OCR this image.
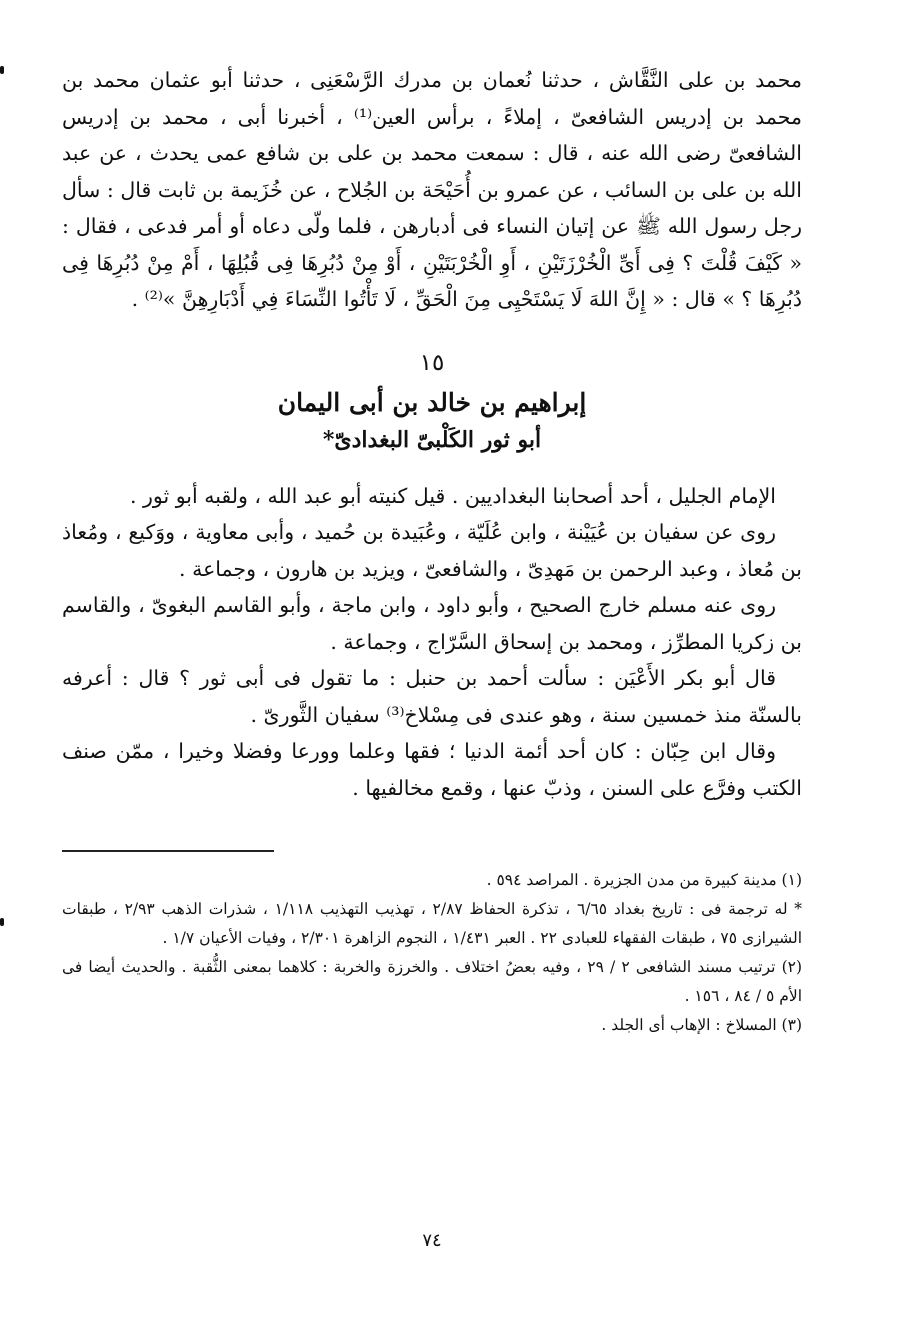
محمد بن على النَّقَّاش ، حدثنا نُعمان بن مدرك الرَّسْعَنِى ، حدثنا أبو عثمان محمد بن محمد بن إدريس الشافعىّ ، إملاءً ، برأس العين⁽¹⁾ ، أخبرنا أبى ، محمد بن إدريس الشافعىّ رضى الله عنه ، قال : سمعت محمد بن على بن شافع عمى يحدث ، عن عبد الله بن على بن السائب ، عن عمرو بن أُحَيْحَة بن الجُلاح ، عن خُزَيمة بن ثابت قال : سأل رجل رسول الله ﷺ عن إتيان النساء فى أدبارهن ، فلما ولّى دعاه أو أمر فدعى ، فقال : « كَيْفَ قُلْتَ ؟ فِى أَىِّ الْخُرْزَتَيْنِ ، أَوِ الْخُرْبَتَيْنِ ، أَوْ مِنْ دُبُرِهَا فِى قُبُلِهَا ، أَمْ مِنْ دُبُرِهَا فِى دُبُرِهَا ؟ » قال : « إِنَّ اللهَ لَا يَسْتَحْيِى مِنَ الْحَقِّ ، لَا تَأْتُوا النِّسَاءَ فِي أَدْبَارِهِنَّ »⁽²⁾ .

١٥
إبراهيم بن خالد بن أبى اليمان
أبو ثور الكَلْبىّ البغدادىّ*

الإمام الجليل ، أحد أصحابنا البغداديين . قيل كنيته أبو عبد الله ، ولقبه أبو ثور .

روى عن سفيان بن عُيَيْنة ، وابن عُلَيّة ، وعُبَيدة بن حُميد ، وأبى معاوية ، ووَكيع ، ومُعاذ بن مُعاذ ، وعبد الرحمن بن مَهدِىّ ، والشافعىّ ، ويزيد بن هارون ، وجماعة .

روى عنه مسلم خارج الصحيح ، وأبو داود ، وابن ماجة ، وأبو القاسم البغوىّ ، والقاسم بن زكريا المطرِّز ، ومحمد بن إسحاق السَّرّاج ، وجماعة .

قال أبو بكر الأَعْيَن : سألت أحمد بن حنبل : ما تقول فى أبى ثور ؟ قال : أعرفه بالسنّة منذ خمسين سنة ، وهو عندى فى مِسْلاخ⁽³⁾ سفيان الثَّورىّ .

وقال ابن حِبّان : كان أحد أئمة الدنيا ؛ فقها وعلما وورعا وفضلا وخيرا ، ممّن صنف الكتب وفرَّع على السنن ، وذبّ عنها ، وقمع مخالفيها .

(١) مدينة كبيرة من مدن الجزيرة . المراصد ٥٩٤ .

* له ترجمة فى : تاريخ بغداد ٦/٦٥ ، تذكرة الحفاظ ٢/٨٧ ، تهذيب التهذيب ١/١١٨ ، شذرات الذهب ٢/٩٣ ، طبقات الشيرازى ٧٥ ، طبقات الفقهاء للعبادى ٢٢ . العبر ١/٤٣١ ، النجوم الزاهرة ٢/٣٠١ ، وفيات الأعيان ١/٧ .

(٢) ترتيب مسند الشافعى ٢ / ٢٩ ، وفيه بعضُ اختلاف . والخرزة والخربة : كلاهما بمعنى الثُّقبة . والحديث أيضا فى الأم ٥ / ٨٤ ، ١٥٦ .

(٣) المسلاخ : الإهاب أى الجلد .

٧٤
